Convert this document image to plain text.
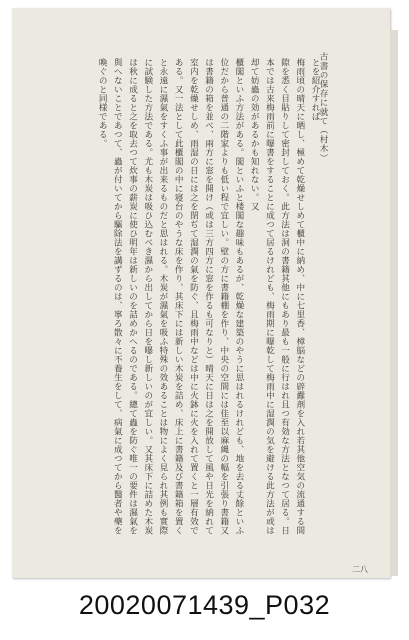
古書の保存に就て（村木）

とを紹介すれば

梅雨頃の晴天に晒し、極めて乾燥せしめて櫃中に納め、中に七里香、樟脳などの辟蠹剤を入れ若其他空気の流通する間隙を悉く目貼りして密封しておく。此方法は洞の書籍其他にもあり最も一般に行はれ且つ有効な方法となつて居る。日本では古来梅雨前に曝書をすることに成つて居るけれども、梅雨期に曝乾して梅雨中に湿潤の気を避ける此方法が或は却て妨蟲の効があるかも知れない。又

櫃閣といふ方法がある。閣といふと楼閣な趣味もあるが、乾燥な建築のやうに思はれるけれども、地を去る丈餘といふ位だから普通の二階家よりも低い程で宜しい。壁の方に書籍棚を作り、中央の空間には佳至以麻縄の幅を引張り書籍又は書籍の箱を並べ、兩方に窓を開け（或は三方四方に窓を作るも可なりと）晴天に日は之を開放して風や日光を納れて室内を乾燥せしめ、雨湿の日には之を閉ぢて湿潤の氣を防ぐ、且梅雨中などは中に火鉢に火を入れて置くと一層有效である。又一法として此櫃閣の中に寝台のやうな床を作り、其床下には新しい木炭を詰め、床上に書籍及び書籍箱を置くと永遠に濕氣をすくふ事が出来るものだと思はれる。木炭が濕氣を吸ふ特殊の效あることは物によく見られ其例も實際に試験した方法である。尤も木炭は吸ひ込むべき濕から出してから日を曝し新しいのが宜しい。又其床下に詰めた木炭は秋に成ると之を取去つて炊事の薪炭に使ひ明年は新しいのを詰めかへるのである。總て蟲を防ぐ唯一の要件は濕氣を與へないことであつて、蟲が付いてから驅除法を講ずるのは、寧ろ散々に不養生をして、病氣に成つてから醫者や藥を喚ぐのと同様である。

二八
20020071439_P032
